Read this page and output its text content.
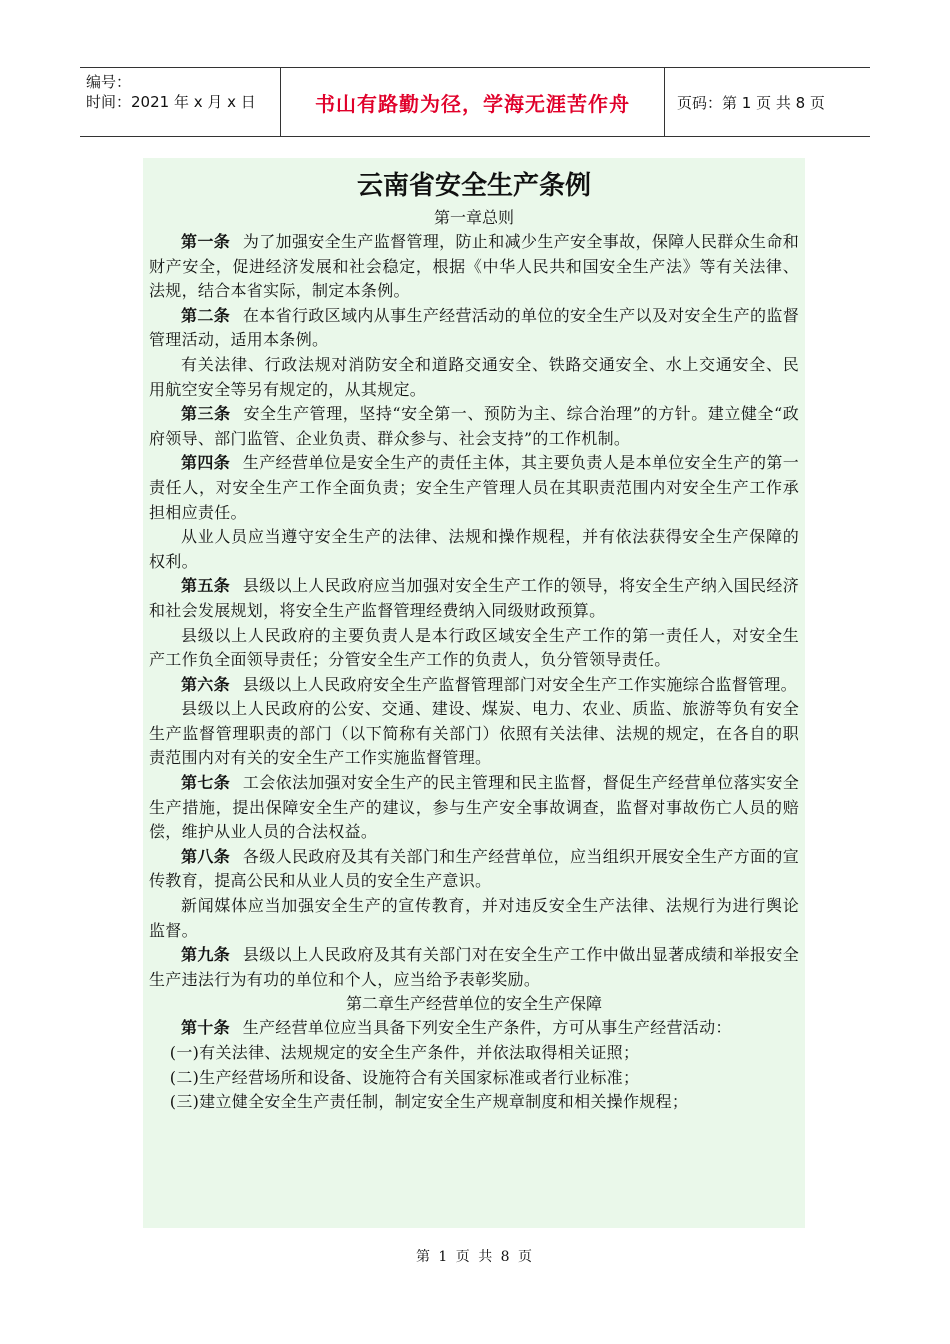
编号：
时间：2021 年 x 月 x 日	书山有路勤为径，学海无涯苦作舟	页码：第 1 页 共 8 页
云南省安全生产条例
第一章总则

第一条 为了加强安全生产监督管理，防止和减少生产安全事故，保障人民群众生命和财产安全，促进经济发展和社会稳定，根据《中华人民共和国安全生产法》等有关法律、法规，结合本省实际，制定本条例。

第二条 在本省行政区域内从事生产经营活动的单位的安全生产以及对安全生产的监督管理活动，适用本条例。

有关法律、行政法规对消防安全和道路交通安全、铁路交通安全、水上交通安全、民用航空安全等另有规定的，从其规定。

第三条 安全生产管理，坚持“安全第一、预防为主、综合治理”的方针。建立健全“政府领导、部门监管、企业负责、群众参与、社会支持”的工作机制。

第四条 生产经营单位是安全生产的责任主体，其主要负责人是本单位安全生产的第一责任人，对安全生产工作全面负责；安全生产管理人员在其职责范围内对安全生产工作承担相应责任。

从业人员应当遵守安全生产的法律、法规和操作规程，并有依法获得安全生产保障的权利。

第五条 县级以上人民政府应当加强对安全生产工作的领导，将安全生产纳入国民经济和社会发展规划，将安全生产监督管理经费纳入同级财政预算。

县级以上人民政府的主要负责人是本行政区域安全生产工作的第一责任人，对安全生产工作负全面领导责任；分管安全生产工作的负责人，负分管领导责任。

第六条 县级以上人民政府安全生产监督管理部门对安全生产工作实施综合监督管理。

县级以上人民政府的公安、交通、建设、煤炭、电力、农业、质监、旅游等负有安全生产监督管理职责的部门（以下简称有关部门）依照有关法律、法规的规定，在各自的职责范围内对有关的安全生产工作实施监督管理。

第七条 工会依法加强对安全生产的民主管理和民主监督，督促生产经营单位落实安全生产措施，提出保障安全生产的建议，参与生产安全事故调查，监督对事故伤亡人员的赔偿，维护从业人员的合法权益。

第八条 各级人民政府及其有关部门和生产经营单位，应当组织开展安全生产方面的宣传教育，提高公民和从业人员的安全生产意识。

新闻媒体应当加强安全生产的宣传教育，并对违反安全生产法律、法规行为进行舆论监督。

第九条 县级以上人民政府及其有关部门对在安全生产工作中做出显著成绩和举报安全生产违法行为有功的单位和个人，应当给予表彰奖励。

第二章生产经营单位的安全生产保障

第十条 生产经营单位应当具备下列安全生产条件，方可从事生产经营活动：

(一)有关法律、法规规定的安全生产条件，并依法取得相关证照；

(二)生产经营场所和设备、设施符合有关国家标准或者行业标准；

(三)建立健全安全生产责任制，制定安全生产规章制度和相关操作规程；

第 1 页 共 8 页
